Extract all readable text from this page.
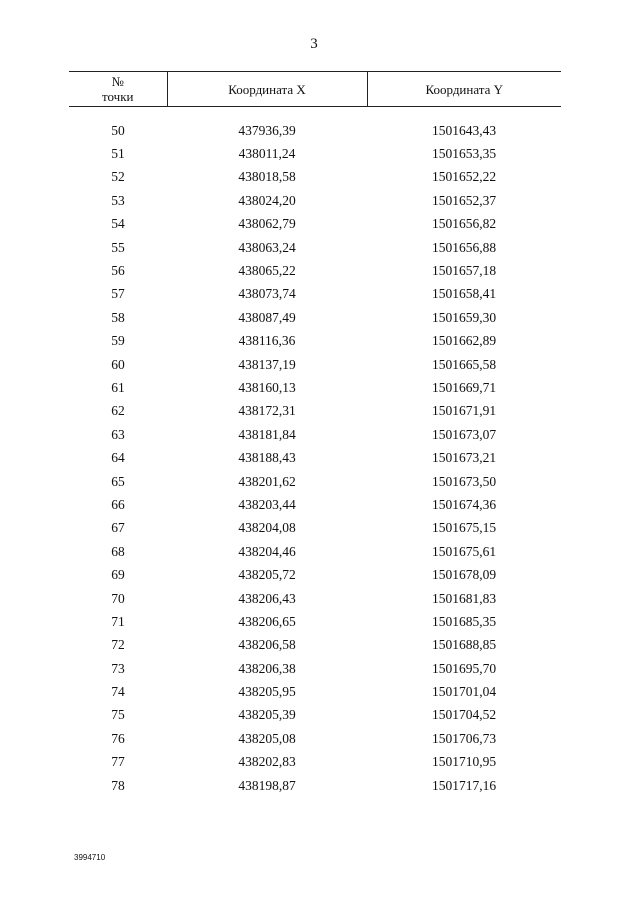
3
№
точки	Координата X	Координата Y

50	437936,39	1501643,43
51	438011,24	1501653,35
52	438018,58	1501652,22
53	438024,20	1501652,37
54	438062,79	1501656,82
55	438063,24	1501656,88
56	438065,22	1501657,18
57	438073,74	1501658,41
58	438087,49	1501659,30
59	438116,36	1501662,89
60	438137,19	1501665,58
61	438160,13	1501669,71
62	438172,31	1501671,91
63	438181,84	1501673,07
64	438188,43	1501673,21
65	438201,62	1501673,50
66	438203,44	1501674,36
67	438204,08	1501675,15
68	438204,46	1501675,61
69	438205,72	1501678,09
70	438206,43	1501681,83
71	438206,65	1501685,35
72	438206,58	1501688,85
73	438206,38	1501695,70
74	438205,95	1501701,04
75	438205,39	1501704,52
76	438205,08	1501706,73
77	438202,83	1501710,95
78	438198,87	1501717,16
3994710
